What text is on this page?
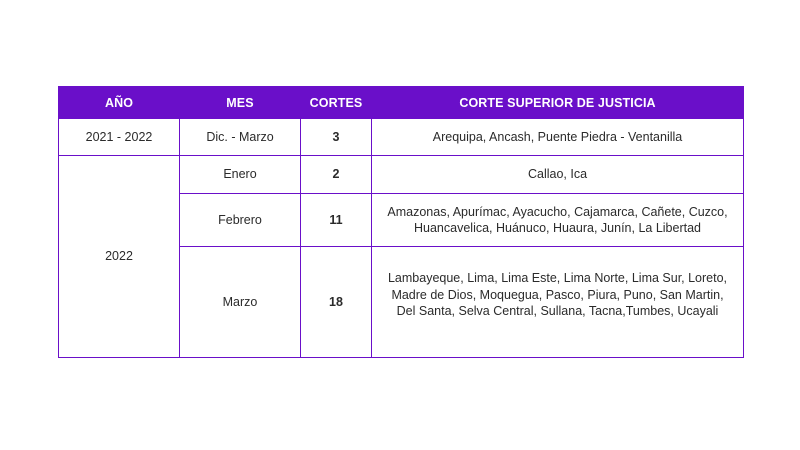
AÑO	MES	CORTES	CORTE SUPERIOR DE JUSTICIA
2021 - 2022	Dic. - Marzo	3	Arequipa, Ancash, Puente Piedra - Ventanilla

2022	Enero	2	Callao, Ica

	Febrero	11	Amazonas, Apurímac, Ayacucho, Cajamarca, Cañete, Cuzco, Huancavelica, Huánuco, Huaura, Junín, La Libertad

	Marzo	18	Lambayeque, Lima, Lima Este, Lima Norte, Lima Sur, Loreto, Madre de Dios, Moquegua, Pasco, Piura, Puno, San Martin, Del Santa, Selva Central, Sullana, Tacna,Tumbes, Ucayali
